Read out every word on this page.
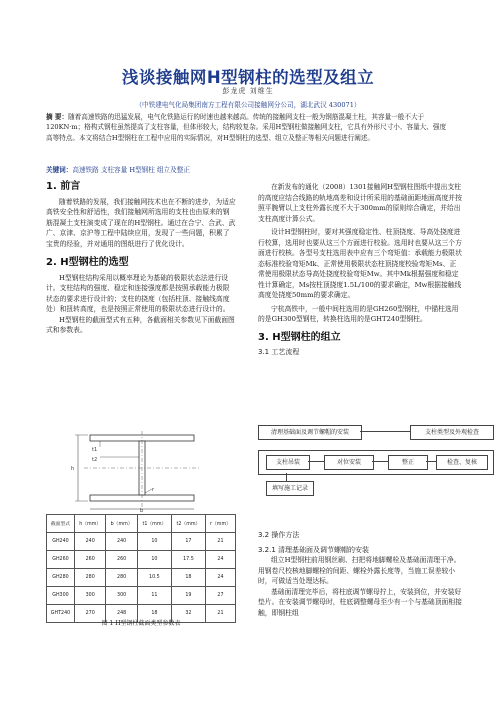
浅谈接触网H型钢柱的选型及组立
彭龙虎 刘维生
（中铁建电气化局集团南方工程有限公司接触网分公司，湖北武汉 430071）
摘 要：随着高速铁路的迅猛发展，电气化铁路运行的时速也越来越高。传统的接触网支柱一般为钢筋混凝土柱，其容量一般不大于120KN·m；格构式钢柱虽然提高了支柱容量，但体形较大，结构较复杂。采用H型钢柱做接触网支柱，它具有外形尺寸小、容量大、强度高等特点。本文将结合H型钢柱在工程中应用的实际情况，对H型钢柱的选型、组立及整正等相关问题进行阐述。
关键词：高速铁路 支柱容量 H型钢柱 组立及整正
1. 前言

随着铁路的发展，我们接触网技术也在不断的进步，为适应高铁安全性和舒适性，我们接触网所选用的支柱也由原来的钢筋混凝土支柱演变成了现在的H型钢柱。通过在合宁、合武、武广、京津、京沪等工程中陆续应用，发现了一些问题，积累了宝贵的经验，并对通用的图纸进行了优化设计。

2. H型钢柱的选型

H型钢柱结构采用以概率理论为基础的极限状态法进行设计。支柱结构的强度、稳定和连接强度都是按照承载能力极限状态的要求进行设计的；支柱的挠度（包括柱顶、接触线高度处）和扭转高度，也是按照正常使用的极限状态进行设计的。

H型钢柱的截面型式有五种，各截面相关参数见下面截面图式和参数表。

h
b
t1
t2
r
截面型式	h（mm）	b（mm）	t1（mm）	t2（mm）	r（mm）
GH240	240	240	10	17	21
GH260	260	260	10	17.5	24
GH280	280	280	10.5	18	24
GH300	300	300	11	19	27
GHT240	270	248	18	32	21
图 1 H型钢柱截面类型参数表

在新发布的通化（2008）1301接触网H型钢柱图纸中提出支柱的高度应结合线路的轨地高差和设计所采用的基础面距地面高度并按照平腕臂以上支柱外露长度不大于300mm的原则综合确定，并给出支柱高度计算公式。

设计H型钢柱时，要对其强度稳定性、柱顶挠度、导高处挠度进行校算，选用时也要从这三个方面进行校验。选用时也要从这三个方面进行校核。各型号支柱选用表中应有三个弯矩值：承载能力极限状态标准校验弯矩Mk、正常使用极限状态柱顶挠度校验弯矩Ms、正常使用极限状态导高处挠度校验弯矩Mw。其中Mk根据强度和稳定性计算确定，Ms按柱顶挠度1.5L/100的要求确定，Mw根据接触线高度处挠度50mm的要求确定。

宁杭高铁中，一般中间柱选用的是GH260型钢柱，中锚柱选用的是GH300型钢柱，转换柱选用的是GHT240型钢柱。

3. H型钢柱的组立
3.1 工艺流程
清理基础面及调节螺帽的安装	支柱类型及外观检查
支柱吊装	对位安装	整正	检查、复核
填写施工记录
3.2 操作方法
3.2.1 清理基础面及调节螺帽的安装

组立H型钢柱前用钢丝刷、扫把将地脚螺栓及基础面清理干净。用钢卷尺校核地脚螺栓的间距、螺栓外露长度等，当施工误差较小时，可做适当处理达标。

基础面清理完毕后，将柱底调节螺母拧上，安装到位，并安装好垫片。在安装调节螺母时，柱底调整螺母至少有一个与基础顶面相接触，即钢柱组
